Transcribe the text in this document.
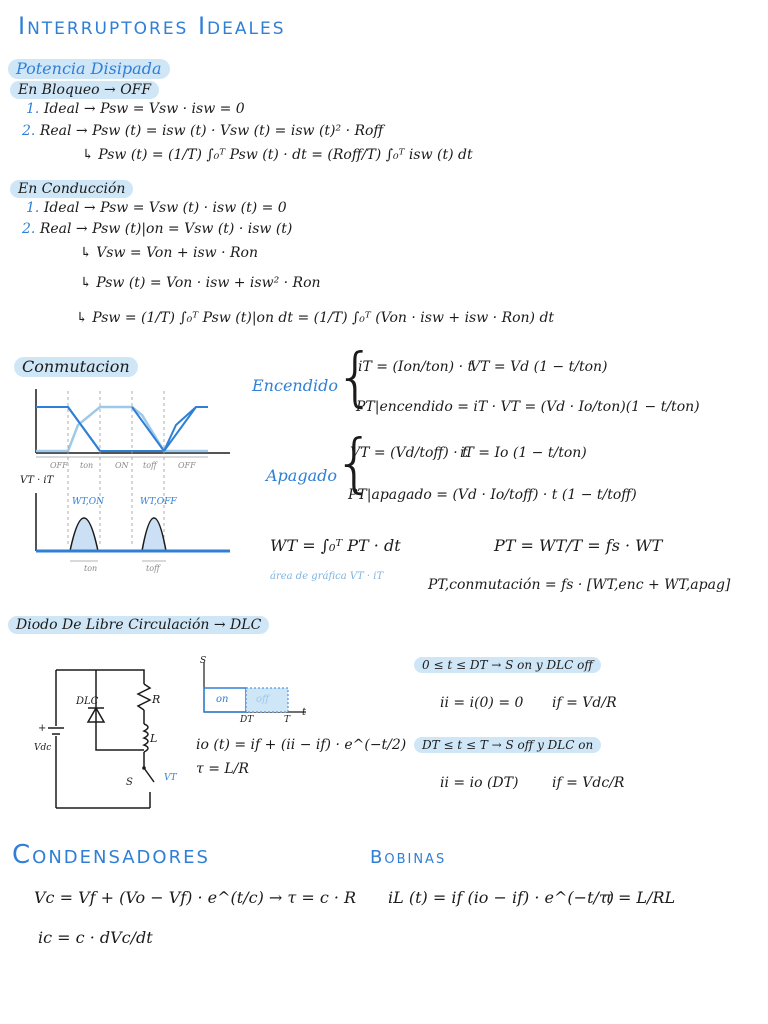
Interruptores Ideales
Potencia Disipada
En Bloqueo → OFF
1. Ideal → Psw = Vsw · isw = 0
2. Real → Psw (t) = isw (t) · Vsw (t) = isw (t)² · Roff
↳ Psw (t) = (1/T) ∫₀ᵀ Psw (t) · dt = (Roff/T) ∫₀ᵀ isw (t) dt
En Conducción
1. Ideal → Psw = Vsw (t) · isw (t) = 0
2. Real → Psw (t)|on = Vsw (t) · isw (t)
↳ Vsw = Von + isw · Ron
↳ Psw (t) = Von · isw + isw² · Ron
↳ Psw = (1/T) ∫₀ᵀ Psw (t)|on dt = (1/T) ∫₀ᵀ (Von · isw + isw · Ron) dt
Conmutacion
OFF ton	ON toff	OFF
VT · iT
WT,ON	WT,OFF
ton	toff
Encendido
{
iT = (Ion/ton) · t
VT = Vd (1 − t/ton)
PT|encendido = iT · VT = (Vd · Io/ton)(1 − t/ton)
Apagado
{
VT = (Vd/toff) · t
iT = Io (1 − t/ton)
PT|apagado = (Vd · Io/toff) · t (1 − t/toff)
WT = ∫₀ᵀ PT · dt
área de gráfica VT · iT
PT = WT/T = fs · WT
PT,conmutación = fs · [WT,enc + WT,apag]
Diodo De Libre Circulación → DLC
DLC	R
L
S
Vdc
+
VT
S
on	off
DT	T
t
io (t) = if + (ii − if) · e^(−t/2)
τ = L/R
0 ≤ t ≤ DT → S on y DLC off
ii = i(0) = 0 if = Vd/R
DT ≤ t ≤ T → S off y DLC on
ii = io (DT) if = Vdc/R
Condensadores
Vc = Vf + (Vo − Vf) · e^(t/c) → τ = c · R
ic = c · dVc/dt
Bobinas
iL (t) = if (io − if) · e^(−t/τ)
τ = L/RL
